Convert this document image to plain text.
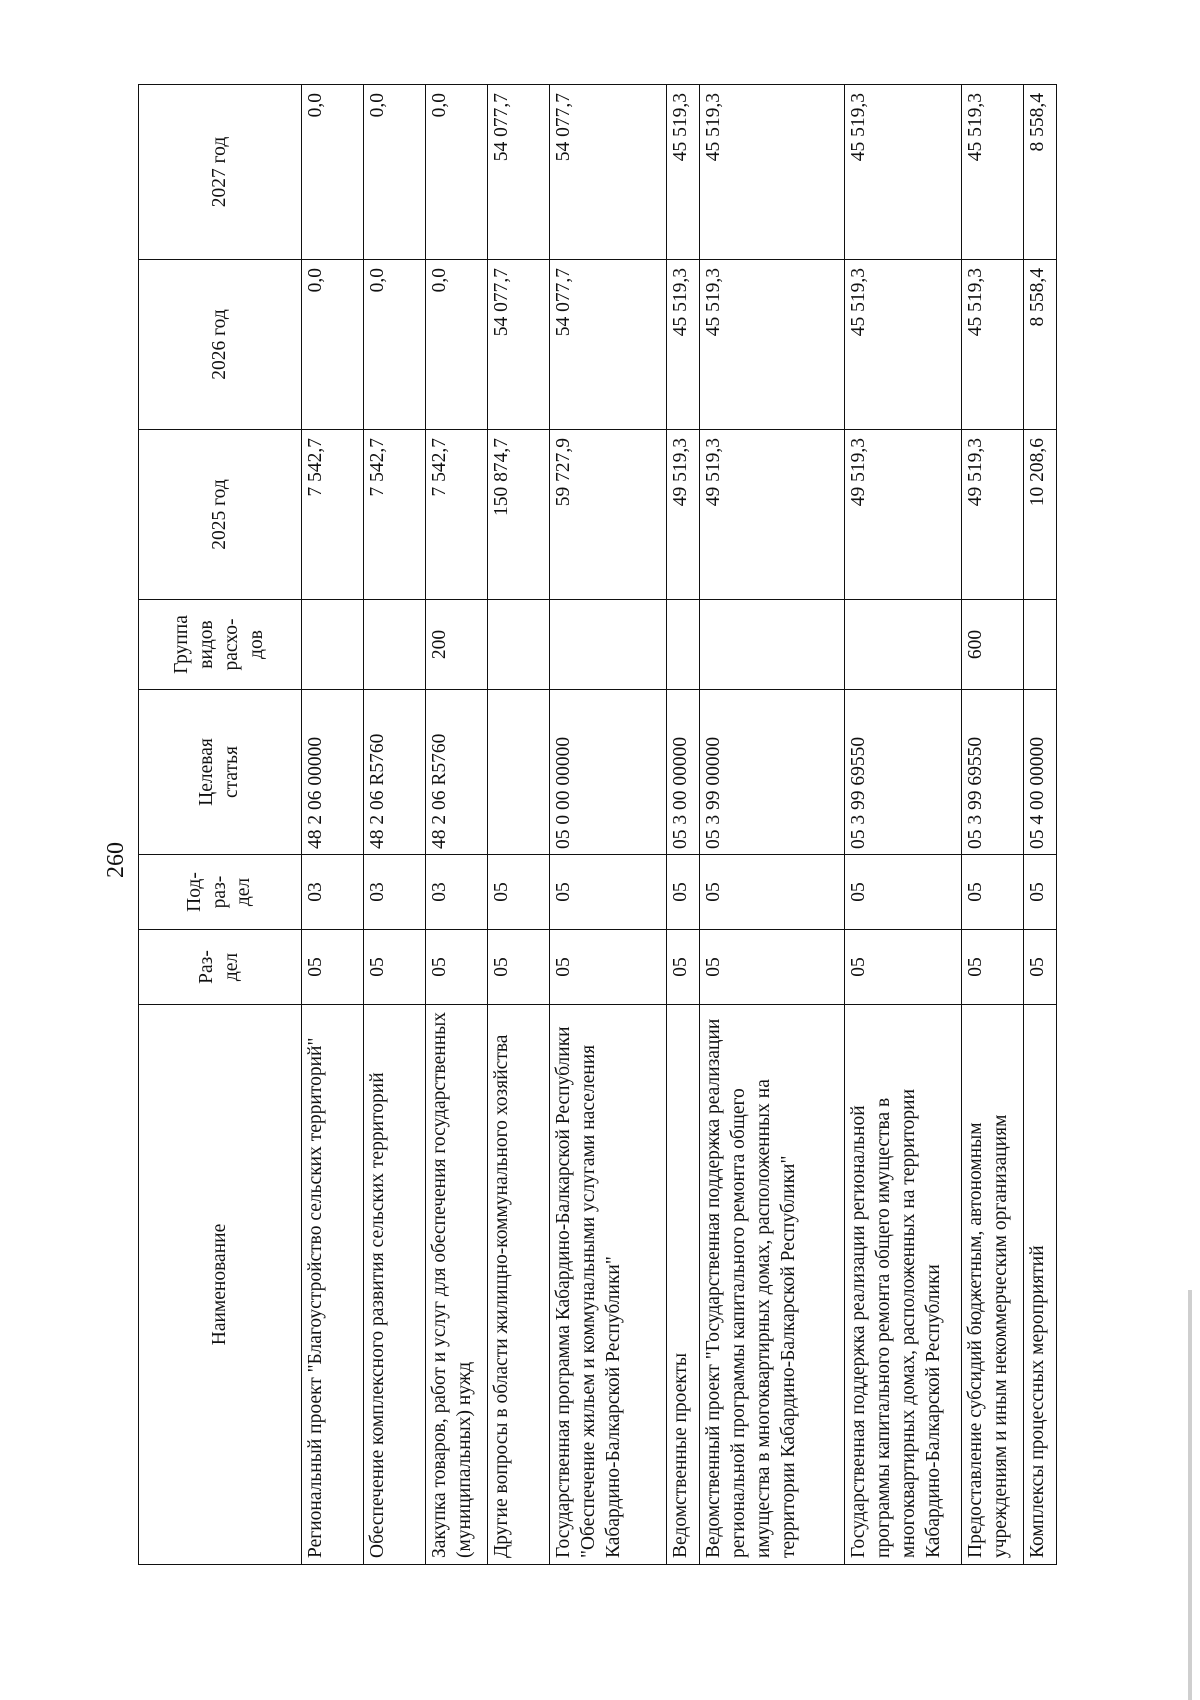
260
Наименование	Раз-
дел	Под-
раз-
дел	Целевая
статья	Группа
видов
расхо-
дов	2025 год	2026 год	2027 год
Региональный проект "Благоустройство сельских территорий"	05	03	48 2 06 00000		7 542,7	0,0	0,0
Обеспечение комплексного развития сельских территорий	05	03	48 2 06 R5760		7 542,7	0,0	0,0
Закупка товаров, работ и услуг для обеспечения государственных (муниципальных) нужд	05	03	48 2 06 R5760	200	7 542,7	0,0	0,0
Другие вопросы в области жилищно-коммунального хозяйства	05	05			150 874,7	54 077,7	54 077,7
Государственная программа Кабардино-Балкарской Республики "Обеспечение жильем и коммунальными услугами населения Кабардино-Балкарской Республики"	05	05	05 0 00 00000		59 727,9	54 077,7	54 077,7
Ведомственные проекты	05	05	05 3 00 00000		49 519,3	45 519,3	45 519,3
Ведомственный проект "Государственная поддержка реализации региональной программы капитального ремонта общего имущества в многоквартирных домах, расположенных на территории Кабардино-Балкарской Республики"	05	05	05 3 99 00000		49 519,3	45 519,3	45 519,3
Государственная поддержка реализации региональной программы капитального ремонта общего имущества в многоквартирных домах, расположенных на территории Кабардино-Балкарской Республики	05	05	05 3 99 69550		49 519,3	45 519,3	45 519,3
Предоставление субсидий бюджетным, автономным учреждениям и иным некоммерческим организациям	05	05	05 3 99 69550	600	49 519,3	45 519,3	45 519,3
Комплексы процессных мероприятий	05	05	05 4 00 00000		10 208,6	8 558,4	8 558,4
